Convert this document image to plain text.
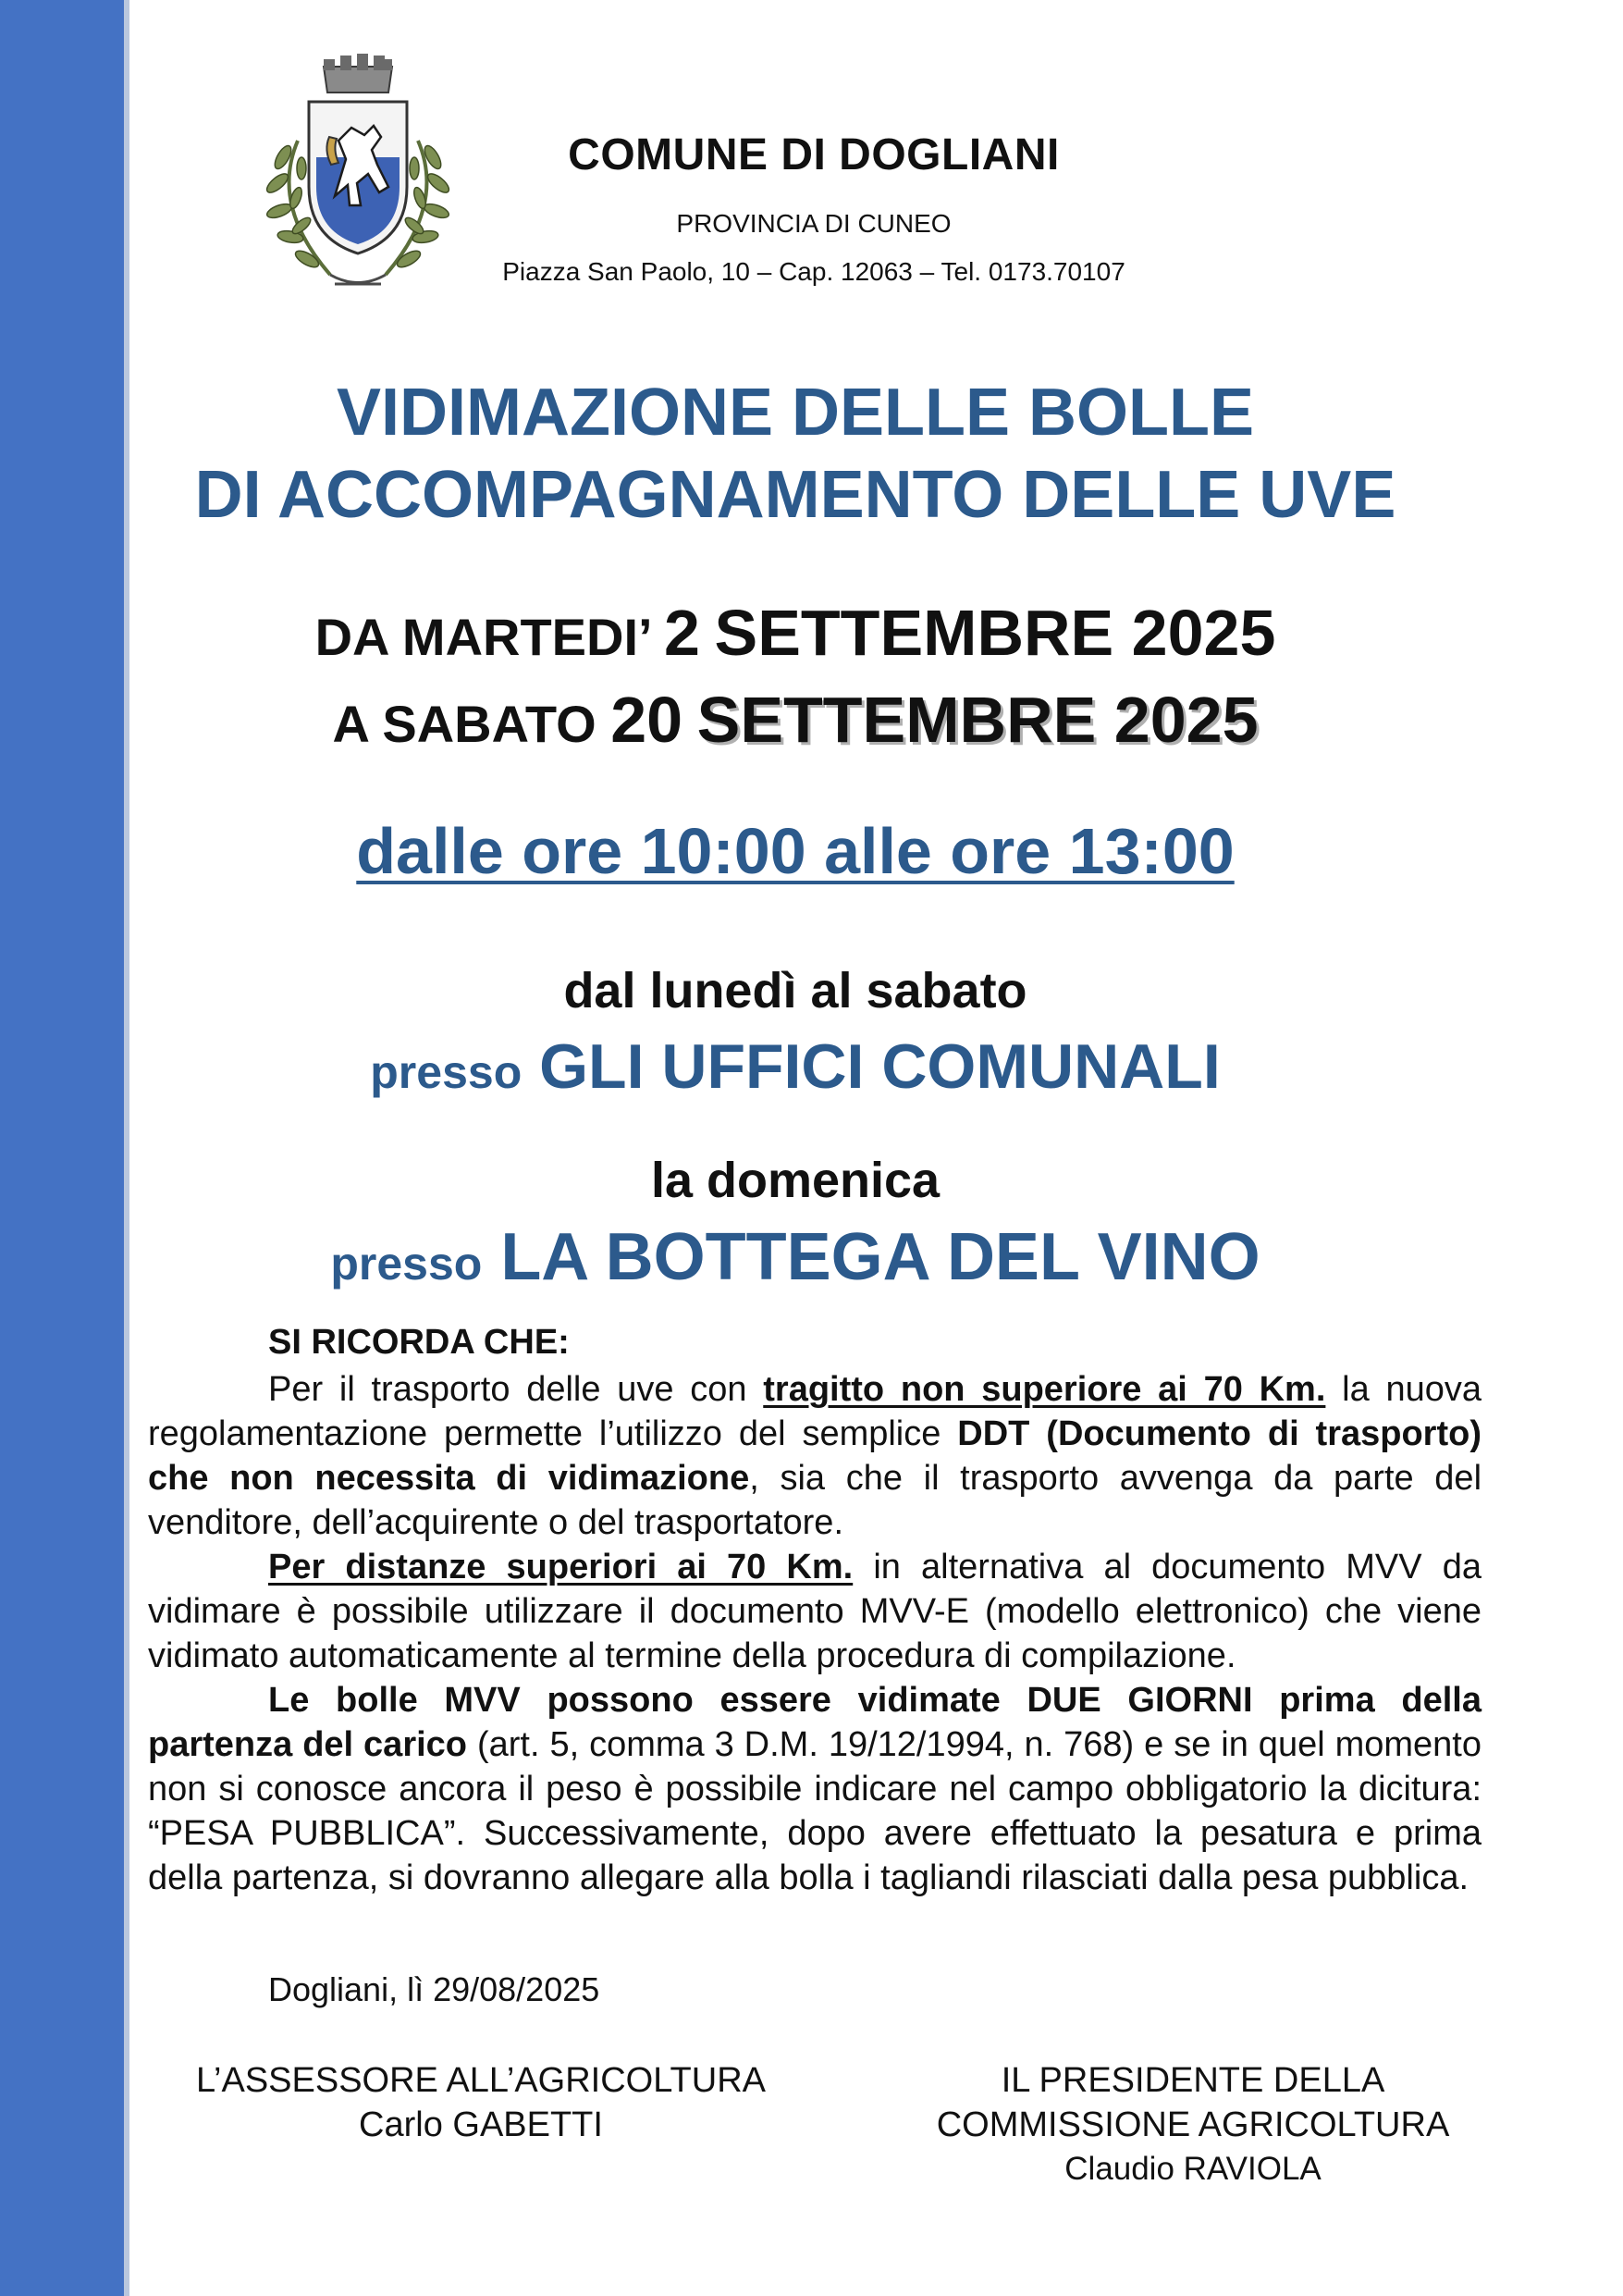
COMUNE DI DOGLIANI
PROVINCIA DI CUNEO
Piazza San Paolo, 10 – Cap. 12063 – Tel. 0173.70107
VIDIMAZIONE DELLE BOLLE
DI ACCOMPAGNAMENTO DELLE UVE
DA MARTEDI’ 2 SETTEMBRE 2025
A SABATO 20 SETTEMBRE 2025
dalle ore 10:00 alle ore 13:00
dal lunedì al sabato
presso GLI UFFICI COMUNALI
la domenica
presso LA BOTTEGA DEL VINO
SI RICORDA CHE:

Per il trasporto delle uve con tragitto non superiore ai 70 Km. la nuova regolamentazione permette l’utilizzo del semplice DDT (Documento di trasporto) che non necessita di vidimazione, sia che il trasporto avvenga da parte del venditore, dell’acquirente o del trasportatore.

Per distanze superiori ai 70 Km. in alternativa al documento MVV da vidimare è possibile utilizzare il documento MVV-E (modello elettronico) che viene vidimato automaticamente al termine della procedura di compilazione.

Le bolle MVV possono essere vidimate DUE GIORNI prima della partenza del carico (art. 5, comma 3 D.M. 19/12/1994, n. 768) e se in quel momento non si conosce ancora il peso è possibile indicare nel campo obbligatorio la dicitura: “PESA PUBBLICA”. Successivamente, dopo avere effettuato la pesatura e prima della partenza, si dovranno allegare alla bolla i tagliandi rilasciati dalla pesa pubblica.

Dogliani, lì 29/08/2025
L’ASSESSORE ALL’AGRICOLTURA
Carlo GABETTI
IL PRESIDENTE DELLA
COMMISSIONE AGRICOLTURA
Claudio RAVIOLA
